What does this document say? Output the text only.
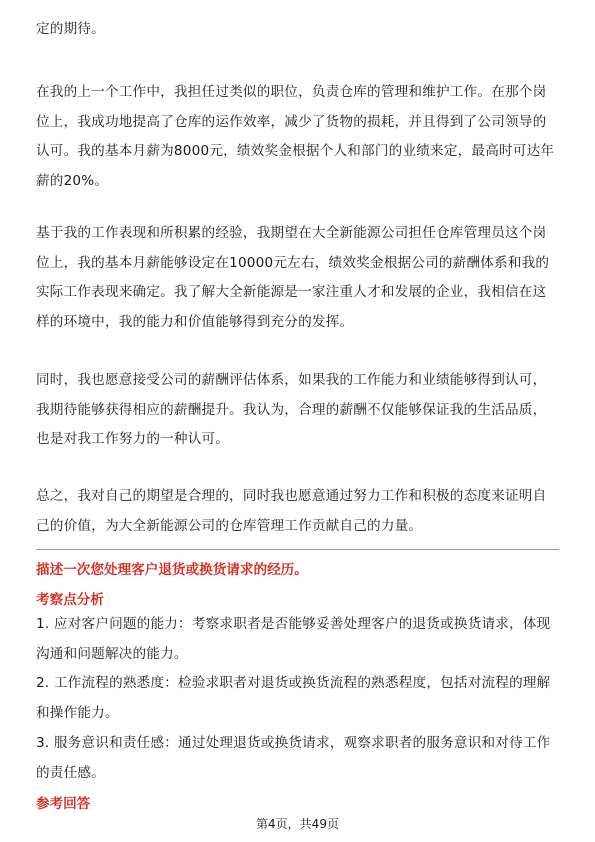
定的期待。

在我的上一个工作中，我担任过类似的职位，负责仓库的管理和维护工作。在那个岗位上，我成功地提高了仓库的运作效率，减少了货物的损耗，并且得到了公司领导的认可。我的基本月薪为8000元，绩效奖金根据个人和部门的业绩来定，最高时可达年薪的20%。

基于我的工作表现和所积累的经验，我期望在大全新能源公司担任仓库管理员这个岗位上，我的基本月薪能够设定在10000元左右，绩效奖金根据公司的薪酬体系和我的实际工作表现来确定。我了解大全新能源是一家注重人才和发展的企业，我相信在这样的环境中，我的能力和价值能够得到充分的发挥。

同时，我也愿意接受公司的薪酬评估体系，如果我的工作能力和业绩能够得到认可，我期待能够获得相应的薪酬提升。我认为，合理的薪酬不仅能够保证我的生活品质，也是对我工作努力的一种认可。

总之，我对自己的期望是合理的，同时我也愿意通过努力工作和积极的态度来证明自己的价值，为大全新能源公司的仓库管理工作贡献自己的力量。

描述一次您处理客户退货或换货请求的经历。

考察点分析

1. 应对客户问题的能力：考察求职者是否能够妥善处理客户的退货或换货请求，体现沟通和问题解决的能力。

2. 工作流程的熟悉度：检验求职者对退货或换货流程的熟悉程度，包括对流程的理解和操作能力。

3. 服务意识和责任感：通过处理退货或换货请求，观察求职者的服务意识和对待工作的责任感。

参考回答

第4页，共49页
